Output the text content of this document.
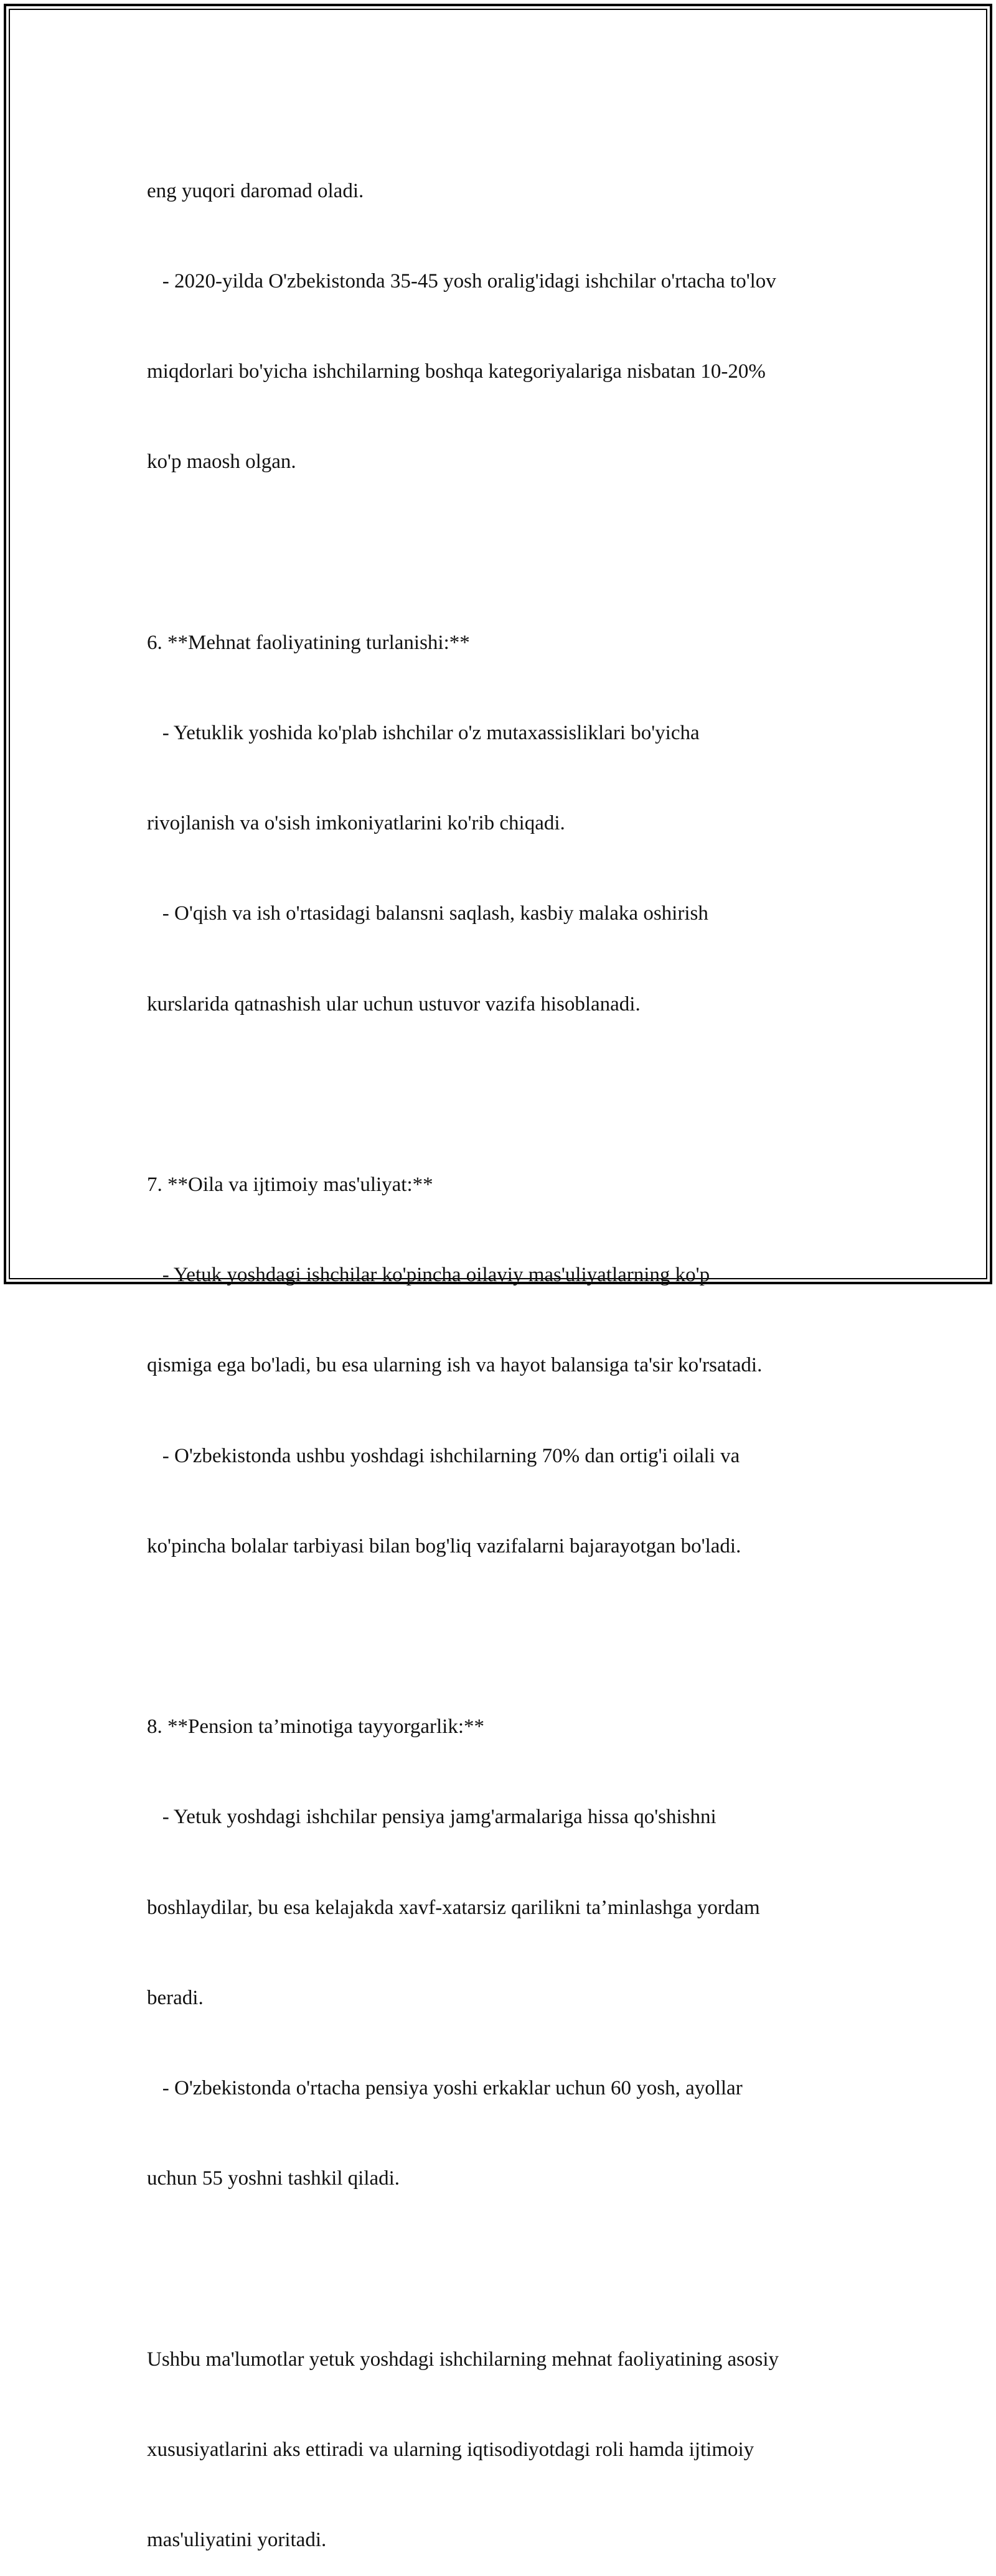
eng yuqori daromad oladi.

- 2020-yilda O'zbekistonda 35-45 yosh oralig'idagi ishchilar o'rtacha to'lov

miqdorlari bo'yicha ishchilarning boshqa kategoriyalariga nisbatan 10-20%

ko'p maosh olgan.

6. **Mehnat faoliyatining turlanishi:**

- Yetuklik yoshida ko'plab ishchilar o'z mutaxassisliklari bo'yicha

rivojlanish va o'sish imkoniyatlarini ko'rib chiqadi.

- O'qish va ish o'rtasidagi balansni saqlash, kasbiy malaka oshirish

kurslarida qatnashish ular uchun ustuvor vazifa hisoblanadi.

7. **Oila va ijtimoiy mas'uliyat:**

- Yetuk yoshdagi ishchilar ko'pincha oilaviy mas'uliyatlarning ko'p

qismiga ega bo'ladi, bu esa ularning ish va hayot balansiga ta'sir ko'rsatadi.

- O'zbekistonda ushbu yoshdagi ishchilarning 70% dan ortig'i oilali va

ko'pincha bolalar tarbiyasi bilan bog'liq vazifalarni bajarayotgan bo'ladi.

8. **Pension ta’minotiga tayyorgarlik:**

- Yetuk yoshdagi ishchilar pensiya jamg'armalariga hissa qo'shishni

boshlaydilar, bu esa kelajakda xavf-xatarsiz qarilikni ta’minlashga yordam

beradi.

- O'zbekistonda o'rtacha pensiya yoshi erkaklar uchun 60 yosh, ayollar

uchun 55 yoshni tashkil qiladi.

Ushbu ma'lumotlar yetuk yoshdagi ishchilarning mehnat faoliyatining asosiy

xususiyatlarini aks ettiradi va ularning iqtisodiyotdagi roli hamda ijtimoiy

mas'uliyatini yoritadi.
